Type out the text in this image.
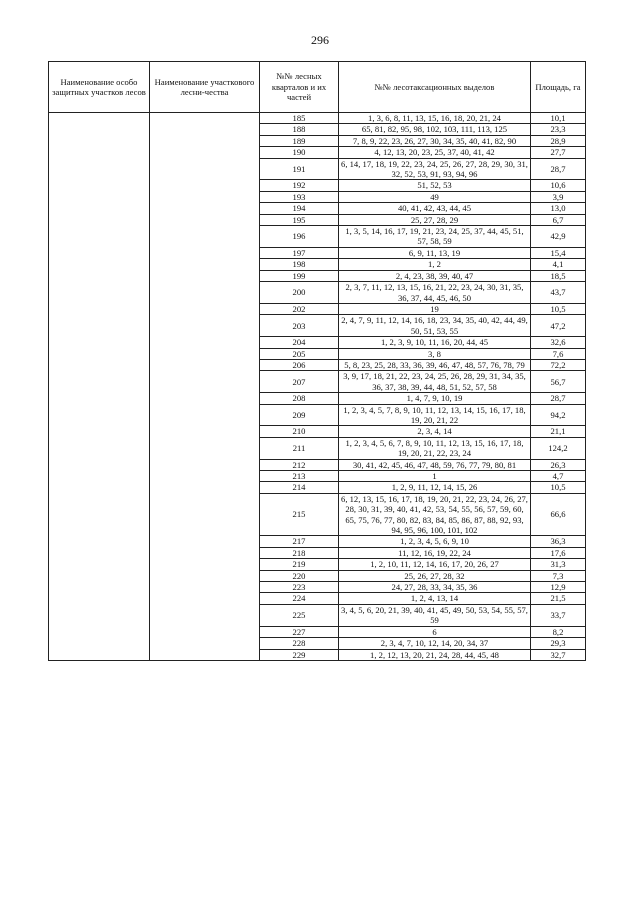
296
Наименование особо защитных участков лесов	Наименование участкового лесни-чества	№№ лесных кварталов и их частей	№№ лесотаксационных выделов	Площадь, га
		185	1, 3, 6, 8, 11, 13, 15, 16, 18, 20, 21, 24	10,1
		188	65, 81, 82, 95, 98, 102, 103, 111, 113, 125	23,3
		189	7, 8, 9, 22, 23, 26, 27, 30, 34, 35, 40, 41, 82, 90	28,9
		190	4, 12, 13, 20, 23, 25, 37, 40, 41, 42	27,7
		191	6, 14, 17, 18, 19, 22, 23, 24, 25, 26, 27, 28, 29, 30, 31, 32, 52, 53, 91, 93, 94, 96	28,7
		192	51, 52, 53	10,6
		193	49	3,9
		194	40, 41, 42, 43, 44, 45	13,0
		195	25, 27, 28, 29	6,7
		196	1, 3, 5, 14, 16, 17, 19, 21, 23, 24, 25, 37, 44, 45, 51, 57, 58, 59	42,9
		197	6, 9, 11, 13, 19	15,4
		198	1, 2	4,1
		199	2, 4, 23, 38, 39, 40, 47	18,5
		200	2, 3, 7, 11, 12, 13, 15, 16, 21, 22, 23, 24, 30, 31, 35, 36, 37, 44, 45, 46, 50	43,7
		202	19	10,5
		203	2, 4, 7, 9, 11, 12, 14, 16, 18, 23, 34, 35, 40, 42, 44, 49, 50, 51, 53, 55	47,2
		204	1, 2, 3, 9, 10, 11, 16, 20, 44, 45	32,6
		205	3, 8	7,6
		206	5, 8, 23, 25, 28, 33, 36, 39, 46, 47, 48, 57, 76, 78, 79	72,2
		207	3, 9, 17, 18, 21, 22, 23, 24, 25, 26, 28, 29, 31, 34, 35, 36, 37, 38, 39, 44, 48, 51, 52, 57, 58	56,7
		208	1, 4, 7, 9, 10, 19	28,7
		209	1, 2, 3, 4, 5, 7, 8, 9, 10, 11, 12, 13, 14, 15, 16, 17, 18, 19, 20, 21, 22	94,2
		210	2, 3, 4, 14	21,1
		211	1, 2, 3, 4, 5, 6, 7, 8, 9, 10, 11, 12, 13, 15, 16, 17, 18, 19, 20, 21, 22, 23, 24	124,2
		212	30, 41, 42, 45, 46, 47, 48, 59, 76, 77, 79, 80, 81	26,3
		213	1	4,7
		214	1, 2, 9, 11, 12, 14, 15, 26	10,5
		215	6, 12, 13, 15, 16, 17, 18, 19, 20, 21, 22, 23, 24, 26, 27, 28, 30, 31, 39, 40, 41, 42, 53, 54, 55, 56, 57, 59, 60, 65, 75, 76, 77, 80, 82, 83, 84, 85, 86, 87, 88, 92, 93, 94, 95, 96, 100, 101, 102	66,6
		217	1, 2, 3, 4, 5, 6, 9, 10	36,3
		218	11, 12, 16, 19, 22, 24	17,6
		219	1, 2, 10, 11, 12, 14, 16, 17, 20, 26, 27	31,3
		220	25, 26, 27, 28, 32	7,3
		223	24, 27, 28, 33, 34, 35, 36	12,9
		224	1, 2, 4, 13, 14	21,5
		225	3, 4, 5, 6, 20, 21, 39, 40, 41, 45, 49, 50, 53, 54, 55, 57, 59	33,7
		227	6	8,2
		228	2, 3, 4, 7, 10, 12, 14, 20, 34, 37	29,3
		229	1, 2, 12, 13, 20, 21, 24, 28, 44, 45, 48	32,7
